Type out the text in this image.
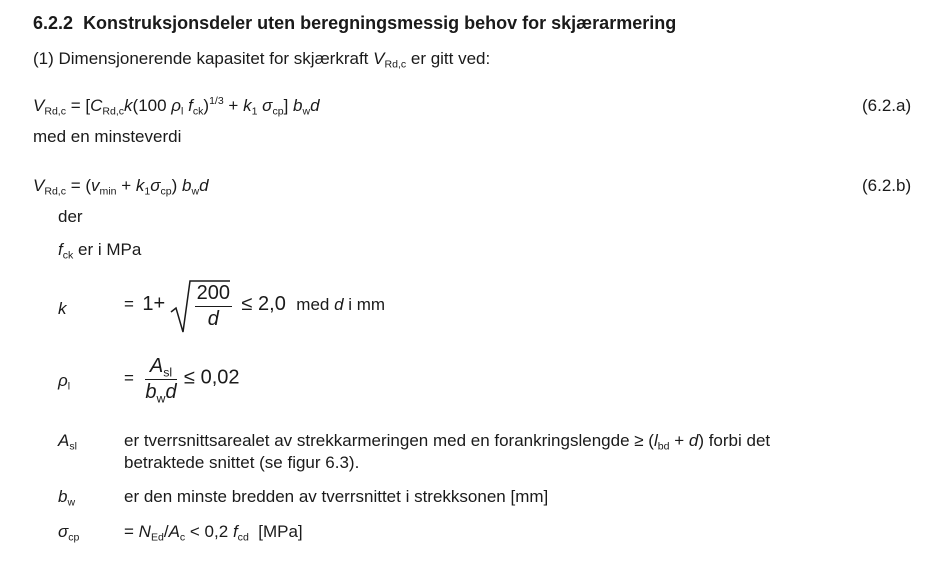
6.2.2 Konstruksjonsdeler uten beregningsmessig behov for skjærarmering
(1) Dimensjonerende kapasitet for skjærkraft $V_{Rd,c}$ er gitt ved:
$V_{Rd,c} = [C_{Rd,c}k(100$ $\rho_l$ $f_{ck})^{1/3} + k_1$ $\sigma_{cp}$] $b_wd$	(6.2.a)
med en minsteverdi
$V_{Rd,c} = (v_{min} + k_1\sigma_{cp})$ $b_wd$	(6.2.b)
der
$f_{ck}$ er i MPa
k	= $1+ \frac{200}{d} \le 2,0$ med d i mm
$\rho_l$	= $\frac{A_{sl}}{b_wd} \le 0,02$
$A_{sl}$	er tverrsnittsarealet av strekkarmeringen med en forankringslengde ≥ $(l_{bd} + d)$ forbi det
betraktede snittet (se figur 6.3).
$b_w$	er den minste bredden av tverrsnittet i strekksonen [mm]
$\sigma_{cp}$	= $N_{Ed}/A_c < 0,2$ $f_{cd}$ [MPa]
